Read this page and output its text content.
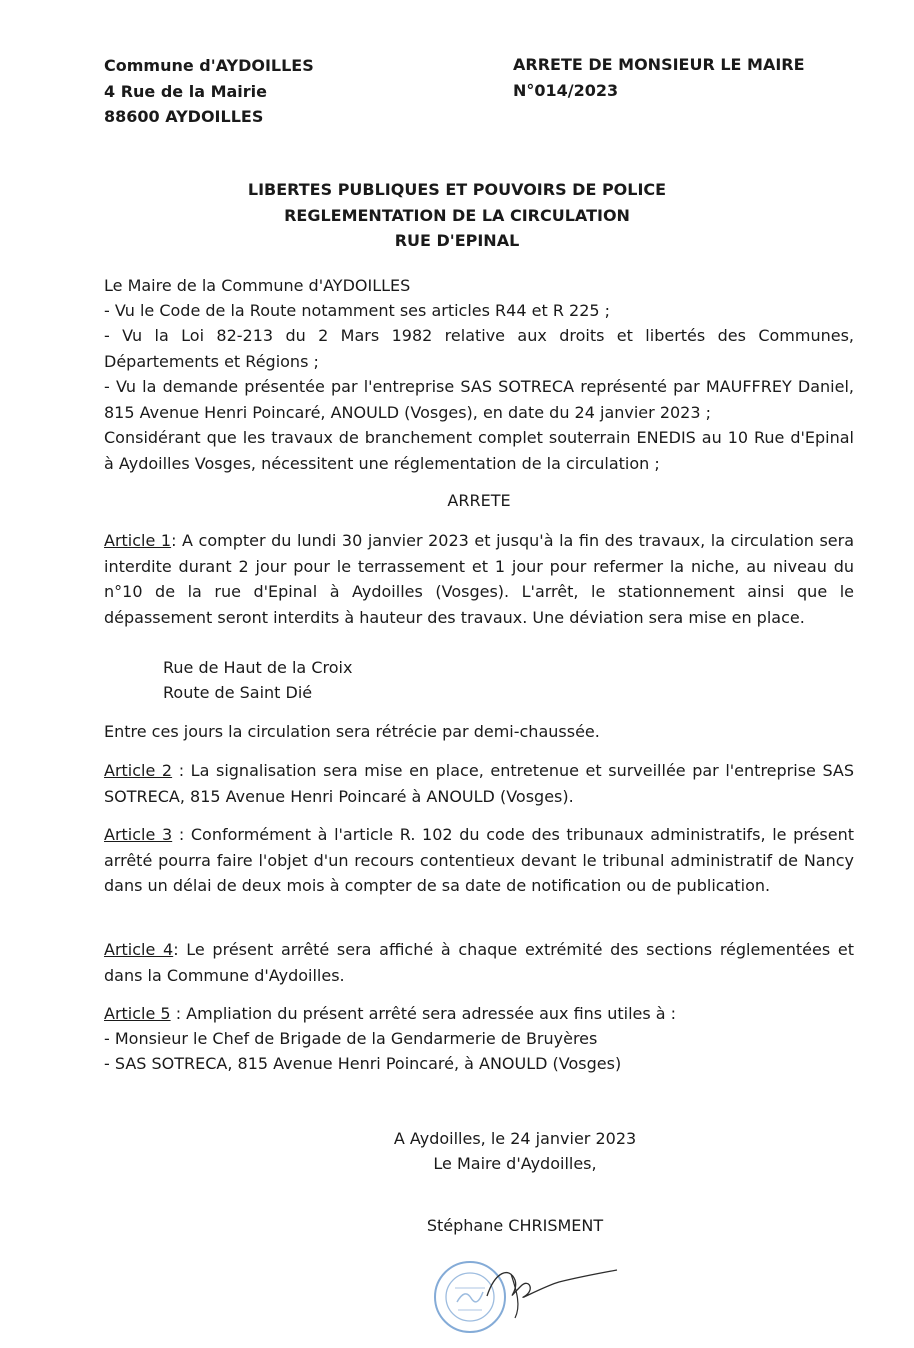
Commune d'AYDOILLES
4 Rue de la Mairie
88600 AYDOILLES
ARRETE DE MONSIEUR LE MAIRE
N°014/2023
LIBERTES PUBLIQUES ET POUVOIRS DE POLICE
REGLEMENTATION DE LA CIRCULATION
RUE D'EPINAL
Le Maire de la Commune d'AYDOILLES
- Vu le Code de la Route notamment ses articles R44 et R 225 ;
- Vu la Loi 82-213 du 2 Mars 1982 relative aux droits et libertés des Communes, Départements et Régions ;
- Vu la demande présentée par l'entreprise SAS SOTRECA représenté par MAUFFREY Daniel, 815 Avenue Henri Poincaré, ANOULD (Vosges), en date du 24 janvier 2023 ;
Considérant que les travaux de branchement complet souterrain ENEDIS au 10 Rue d'Epinal à Aydoilles Vosges, nécessitent une réglementation de la circulation ;
ARRETE
Article 1: A compter du lundi 30 janvier 2023 et jusqu'à la fin des travaux, la circulation sera interdite durant 2 jour pour le terrassement et 1 jour pour refermer la niche, au niveau du n°10 de la rue d'Epinal à Aydoilles (Vosges). L'arrêt, le stationnement ainsi que le dépassement seront interdits à hauteur des travaux. Une déviation sera mise en place.
Rue de Haut de la Croix
Route de Saint Dié
Entre ces jours la circulation sera rétrécie par demi-chaussée.
Article 2 : La signalisation sera mise en place, entretenue et surveillée par l'entreprise SAS SOTRECA, 815 Avenue Henri Poincaré à ANOULD (Vosges).
Article 3 : Conformément à l'article R. 102 du code des tribunaux administratifs, le présent arrêté pourra faire l'objet d'un recours contentieux devant le tribunal administratif de Nancy dans un délai de deux mois à compter de sa date de notification ou de publication.
Article 4: Le présent arrêté sera affiché à chaque extrémité des sections réglementées et dans la Commune d'Aydoilles.
Article 5 : Ampliation du présent arrêté sera adressée aux fins utiles à :
- Monsieur le Chef de Brigade de la Gendarmerie de Bruyères
- SAS SOTRECA, 815 Avenue Henri Poincaré, à ANOULD (Vosges)
A Aydoilles, le 24 janvier 2023
Le Maire d'Aydoilles,
Stéphane CHRISMENT
